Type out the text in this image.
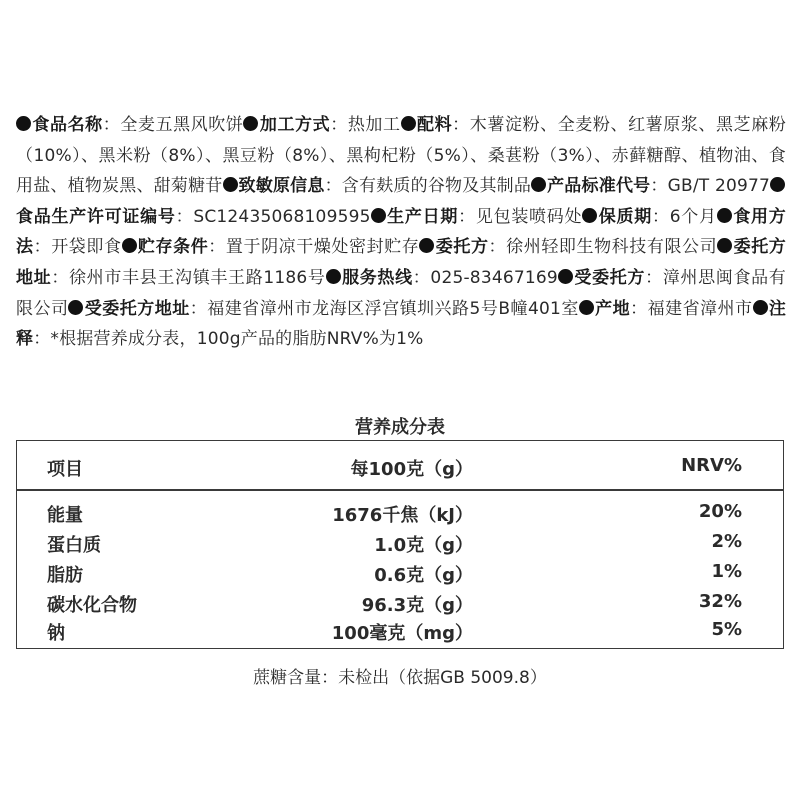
食品名称：全麦五黑风吹饼 加工方式：热加工 配料：木薯淀粉、全麦粉、红薯原浆、黑芝麻粉（10%）、黑米粉（8%）、黑豆粉（8%）、黑枸杞粉（5%）、桑葚粉（3%）、赤藓糖醇、植物油、食用盐、植物炭黑、甜菊糖苷 致敏原信息：含有麸质的谷物及其制品 产品标准代号：GB/T 20977食品生产许可证编号：SC12435068109595 生产日期：见包装喷码处 保质期：6个月 食用方法：开袋即食 贮存条件：置于阴凉干燥处密封贮存 委托方：徐州轻即生物科技有限公司 委托方地址：徐州市丰县王沟镇丰王路1186号 服务热线：025-83467169 受委托方：漳州思闽食品有限公司 受委托方地址：福建省漳州市龙海区浮宫镇圳兴路5号B幢401室 产地：福建省漳州市 注释：*根据营养成分表，100g产品的脂肪NRV%为1%
营养成分表
项目	每100克（g）	NRV%
能量	1676千焦（kJ）	20%
蛋白质	1.0克（g）	2%
脂肪	0.6克（g）	1%
碳水化合物	96.3克（g）	32%
钠	100毫克（mg）	5%
蔗糖含量：未检出（依据GB 5009.8）
